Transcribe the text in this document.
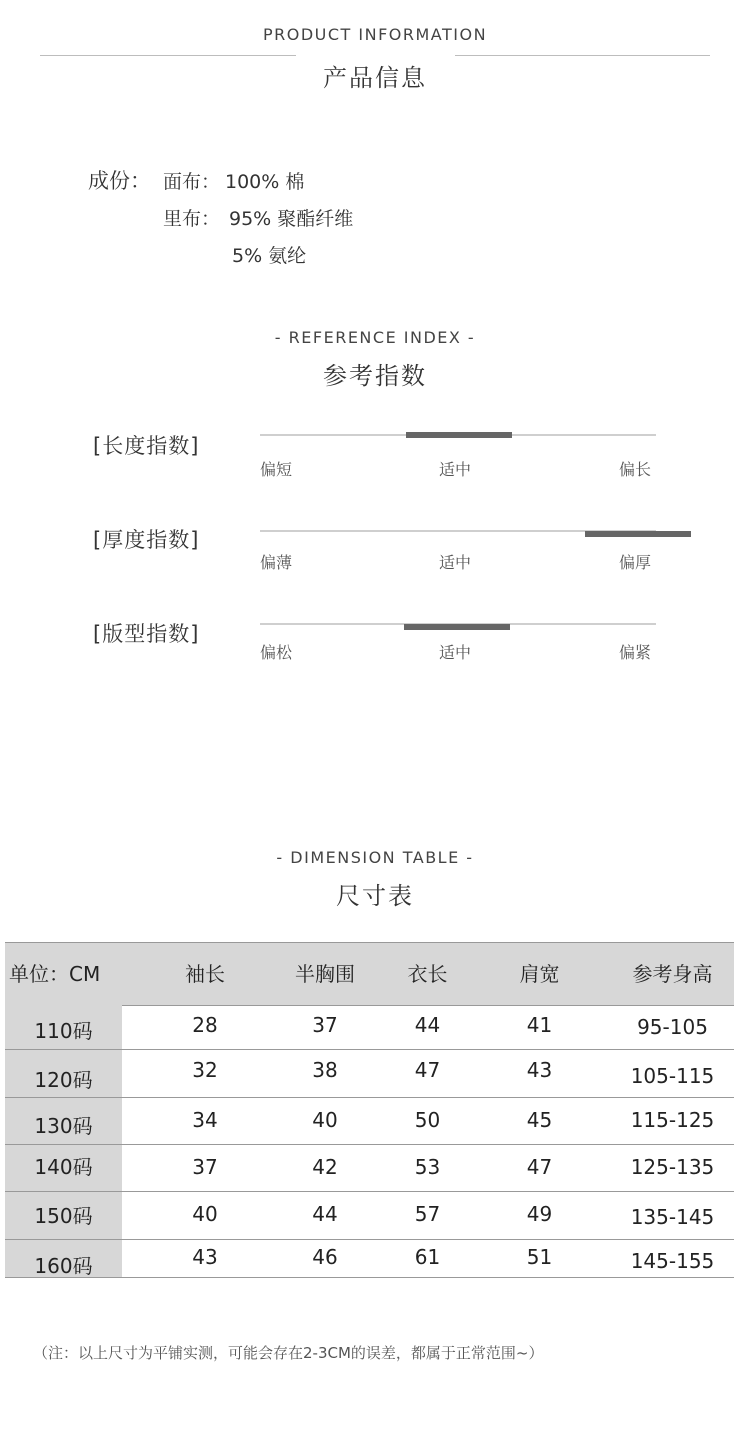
PRODUCT INFORMATION
产品信息
成份： 面布： 100% 棉
里布： 95% 聚酯纤维
5% 氨纶
- REFERENCE INDEX -
参考指数
[长度指数]
偏短	适中	偏长
[厚度指数]
偏薄	适中	偏厚
[版型指数]
偏松	适中	偏紧
- DIMENSION TABLE -
尺寸表
单位：CM	袖长	半胸围	衣长	肩宽	参考身高
110码	28	37	44	41	95-105
120码	32	38	47	43	105-115
130码	34	40	50	45	115-125
140码	37	42	53	47	125-135
150码	40	44	57	49	135-145
160码	43	46	61	51	145-155
（注：以上尺寸为平铺实测，可能会存在2-3CM的误差，都属于正常范围~）
